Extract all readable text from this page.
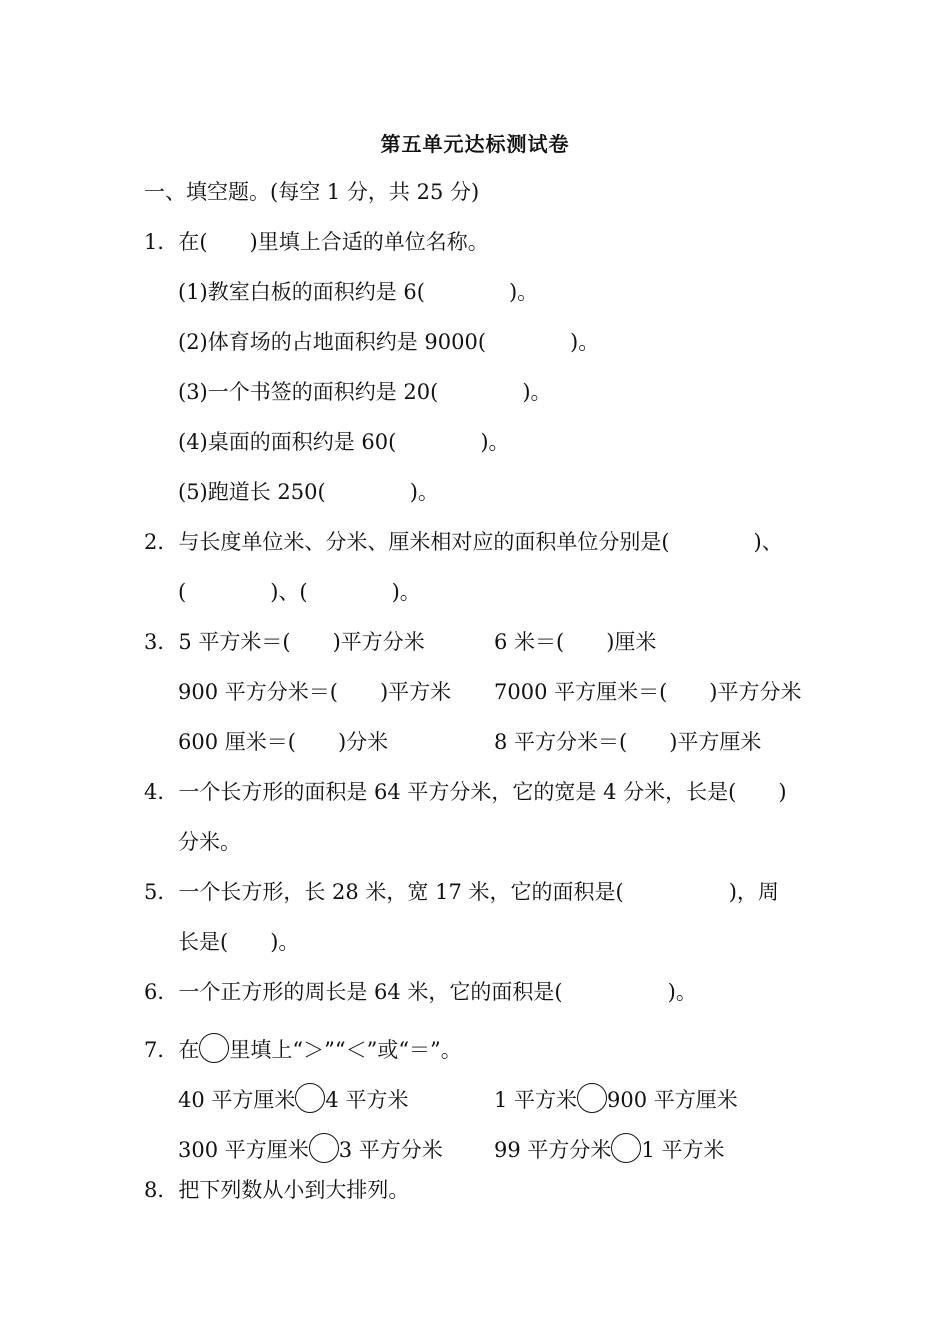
第五单元达标测试卷
一、填空题。(每空 1 分，共 25 分)
1．在(　　)里填上合适的单位名称。
(1)教室白板的面积约是 6(　　　　)。
(2)体育场的占地面积约是 9000(　　　　)。
(3)一个书签的面积约是 20(　　　　)。
(4)桌面的面积约是 60(　　　　)。
(5)跑道长 250(　　　　)。
2．与长度单位米、分米、厘米相对应的面积单位分别是(　　　　)、
(　　　　)、(　　　　)。
3．5 平方米＝(　　)平方分米	6 米＝(　　)厘米
900 平方分米＝(　　)平方米 7000 平方厘米＝(　　)平方分米
600 厘米＝(　　)分米	8 平方分米＝(　　)平方厘米
4．一个长方形的面积是 64 平方分米，它的宽是 4 分米，长是(　　)
分米。
5．一个长方形，长 28 米，宽 17 米，它的面积是(　　　　　)，周
长是(　　)。
6．一个正方形的周长是 64 米，它的面积是(　　　　　)。
7．在 里填上“＞”“＜”或“＝”。
40 平方厘米 4 平方米	1 平方米 900 平方厘米
300 平方厘米 3 平方分米 99 平方分米 1 平方米
8．把下列数从小到大排列。
